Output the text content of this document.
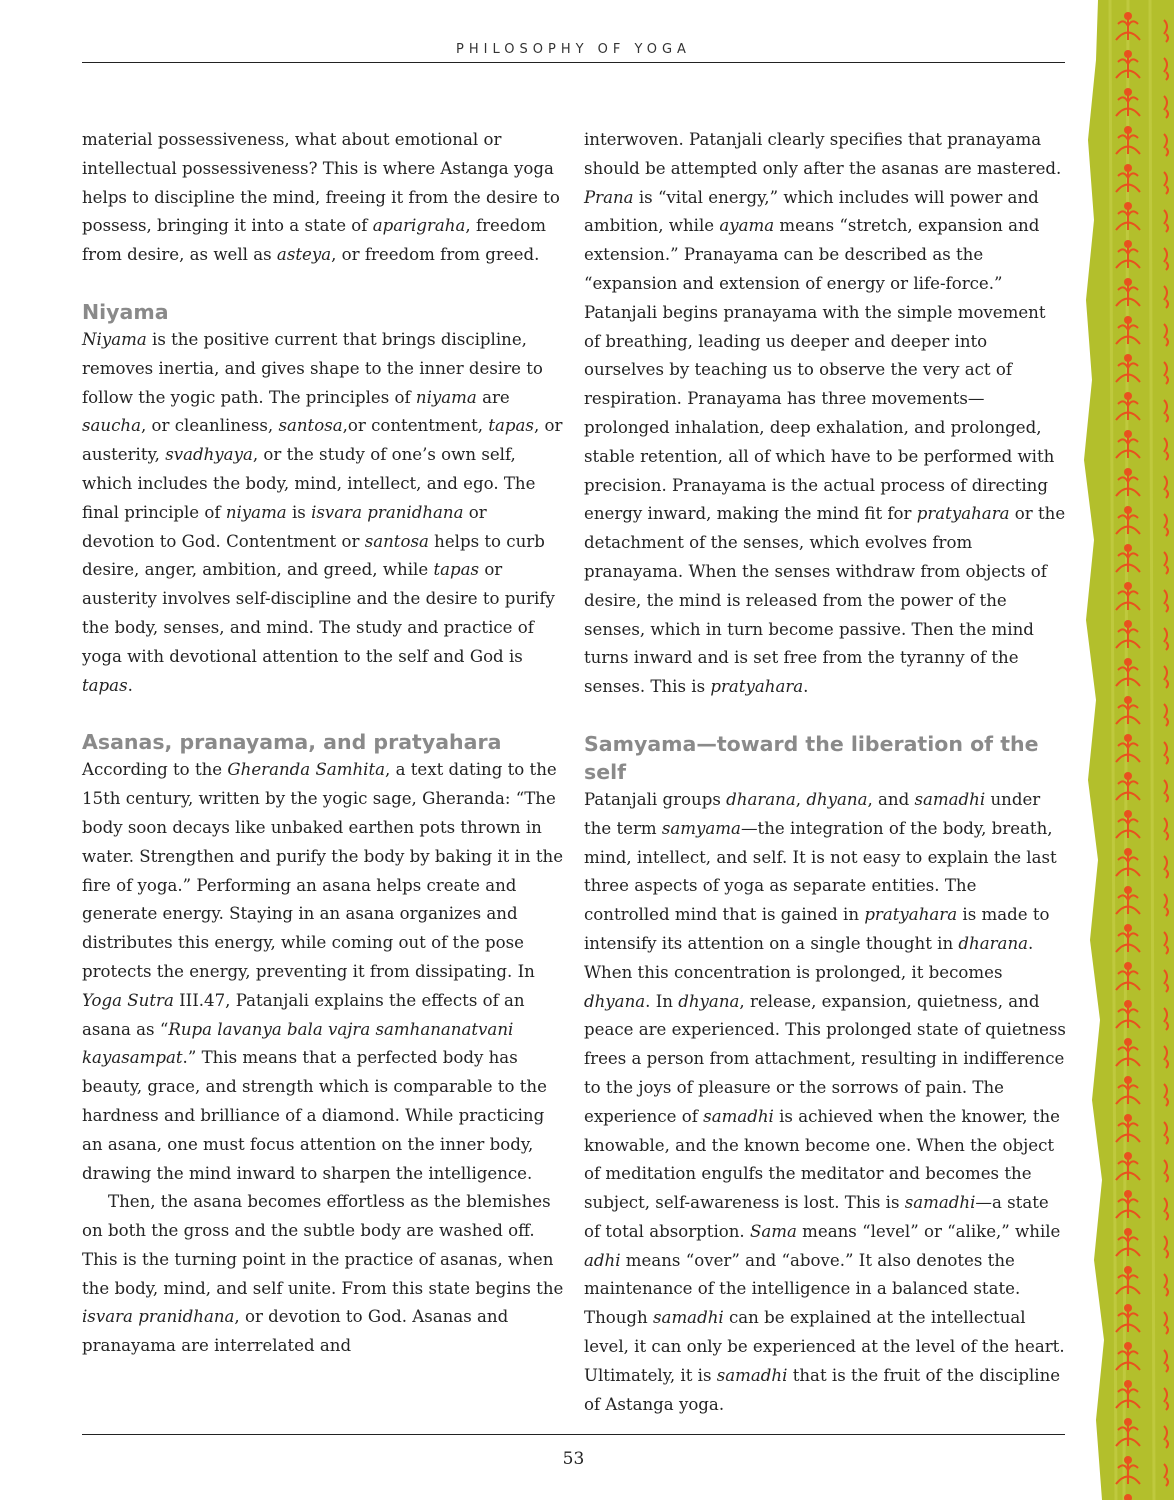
PHILOSOPHY OF YOGA

material possessiveness, what about emotional or intellectual possessiveness? This is where Astanga yoga helps to discipline the mind, freeing it from the desire to possess, bringing it into a state of aparigraha, freedom from desire, as well as asteya, or freedom from greed.

Niyama

Niyama is the positive current that brings discipline, removes inertia, and gives shape to the inner desire to follow the yogic path. The principles of niyama are saucha, or cleanliness, santosa,or contentment, tapas, or austerity, svadhyaya, or the study of one’s own self, which includes the body, mind, intellect, and ego. The final principle of niyama is isvara pranidhana or devotion to God. Contentment or santosa helps to curb desire, anger, ambition, and greed, while tapas or austerity involves self-discipline and the desire to purify the body, senses, and mind. The study and practice of yoga with devotional attention to the self and God is tapas.

Asanas, pranayama, and pratyahara

According to the Gheranda Samhita, a text dating to the 15th century, written by the yogic sage, Gheranda: “The body soon decays like unbaked earthen pots thrown in water. Strengthen and purify the body by baking it in the fire of yoga.” Performing an asana helps create and generate energy. Staying in an asana organizes and distributes this energy, while coming out of the pose protects the energy, preventing it from dissipating. In Yoga Sutra III.47, Patanjali explains the effects of an asana as “Rupa lavanya bala vajra samhananatvani kayasampat.” This means that a perfected body has beauty, grace, and strength which is comparable to the hardness and brilliance of a diamond. While practicing an asana, one must focus attention on the inner body, drawing the mind inward to sharpen the intelligence.

Then, the asana becomes effortless as the blemishes on both the gross and the subtle body are washed off. This is the turning point in the practice of asanas, when the body, mind, and self unite. From this state begins the isvara pranidhana, or devotion to God. Asanas and pranayama are interrelated and

interwoven. Patanjali clearly specifies that pranayama should be attempted only after the asanas are mastered. Prana is “vital energy,” which includes will power and ambition, while ayama means “stretch, expansion and extension.” Pranayama can be described as the “expansion and extension of energy or life-force.” Patanjali begins pranayama with the simple movement of breathing, leading us deeper and deeper into ourselves by teaching us to observe the very act of respiration. Pranayama has three movements—prolonged inhalation, deep exhalation, and prolonged, stable retention, all of which have to be performed with precision. Pranayama is the actual process of directing energy inward, making the mind fit for pratyahara or the detachment of the senses, which evolves from pranayama. When the senses withdraw from objects of desire, the mind is released from the power of the senses, which in turn become passive. Then the mind turns inward and is set free from the tyranny of the senses. This is pratyahara.

Samyama—toward the liberation of the self

Patanjali groups dharana, dhyana, and samadhi under the term samyama—the integration of the body, breath, mind, intellect, and self. It is not easy to explain the last three aspects of yoga as separate entities. The controlled mind that is gained in pratyahara is made to intensify its attention on a single thought in dharana. When this concentration is prolonged, it becomes dhyana. In dhyana, release, expansion, quietness, and peace are experienced. This prolonged state of quietness frees a person from attachment, resulting in indifference to the joys of pleasure or the sorrows of pain. The experience of samadhi is achieved when the knower, the knowable, and the known become one. When the object of meditation engulfs the meditator and becomes the subject, self-awareness is lost. This is samadhi—a state of total absorption. Sama means “level” or “alike,” while adhi means “over” and “above.” It also denotes the maintenance of the intelligence in a balanced state. Though samadhi can be explained at the intellectual level, it can only be experienced at the level of the heart. Ultimately, it is samadhi that is the fruit of the discipline of Astanga yoga.

53
